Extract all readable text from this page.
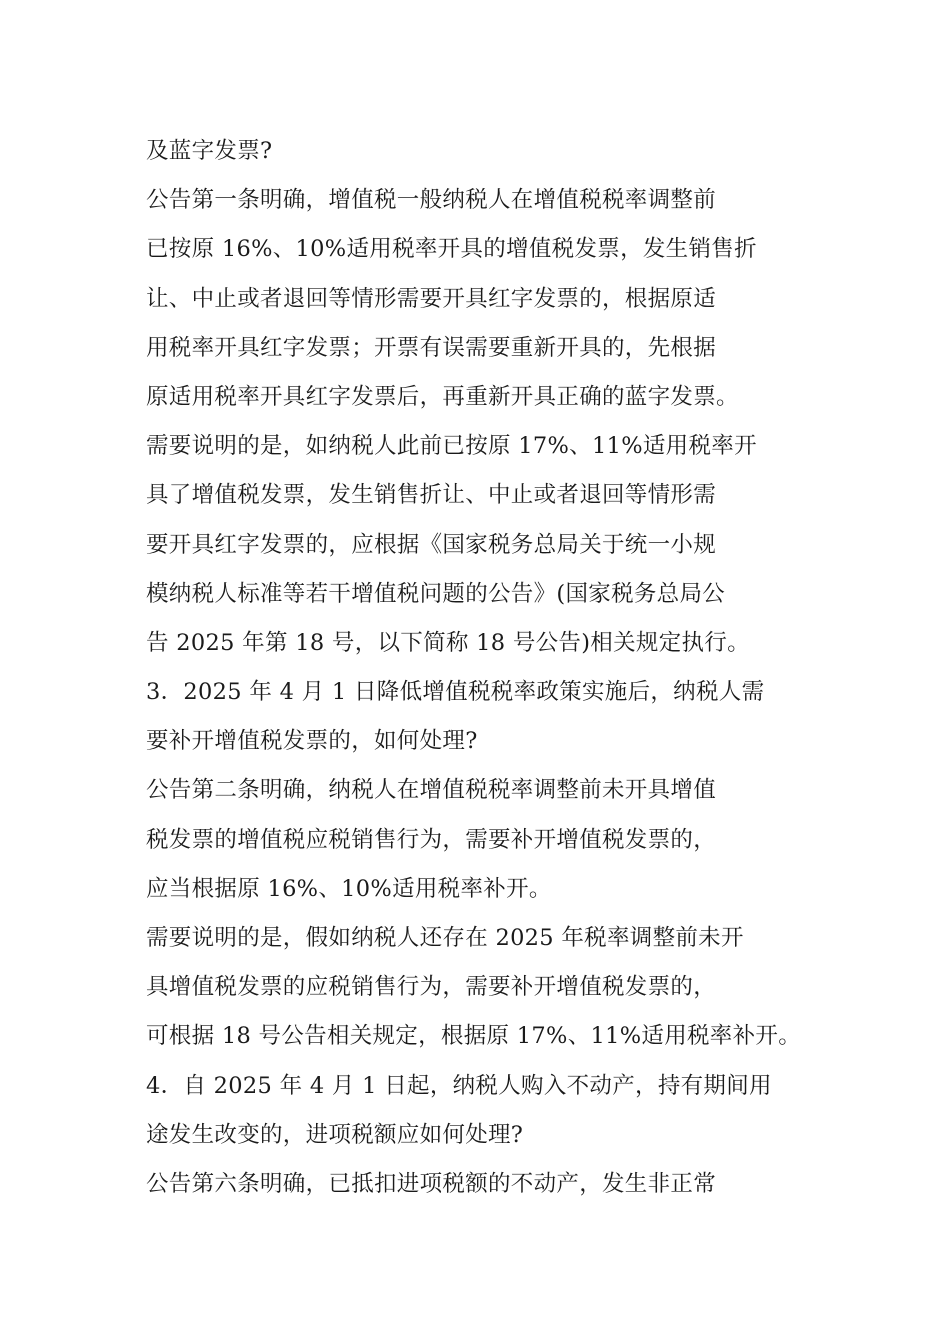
及蓝字发票?
公告第一条明确，增值税一般纳税人在增值税税率调整前
已按原 16%、10%适用税率开具的增值税发票，发生销售折
让、中止或者退回等情形需要开具红字发票的，根据原适
用税率开具红字发票；开票有误需要重新开具的，先根据
原适用税率开具红字发票后，再重新开具正确的蓝字发票。
需要说明的是，如纳税人此前已按原 17%、11%适用税率开
具了增值税发票，发生销售折让、中止或者退回等情形需
要开具红字发票的，应根据《国家税务总局关于统一小规
模纳税人标准等若干增值税问题的公告》(国家税务总局公
告 2025 年第 18 号，以下简称 18 号公告)相关规定执行。
3．2025 年 4 月 1 日降低增值税税率政策实施后，纳税人需
要补开增值税发票的，如何处理?
公告第二条明确，纳税人在增值税税率调整前未开具增值
税发票的增值税应税销售行为，需要补开增值税发票的，
应当根据原 16%、10%适用税率补开。
需要说明的是，假如纳税人还存在 2025 年税率调整前未开
具增值税发票的应税销售行为，需要补开增值税发票的，
可根据 18 号公告相关规定，根据原 17%、11%适用税率补开。
4．自 2025 年 4 月 1 日起，纳税人购入不动产，持有期间用
途发生改变的，进项税额应如何处理?
公告第六条明确，已抵扣进项税额的不动产，发生非正常
